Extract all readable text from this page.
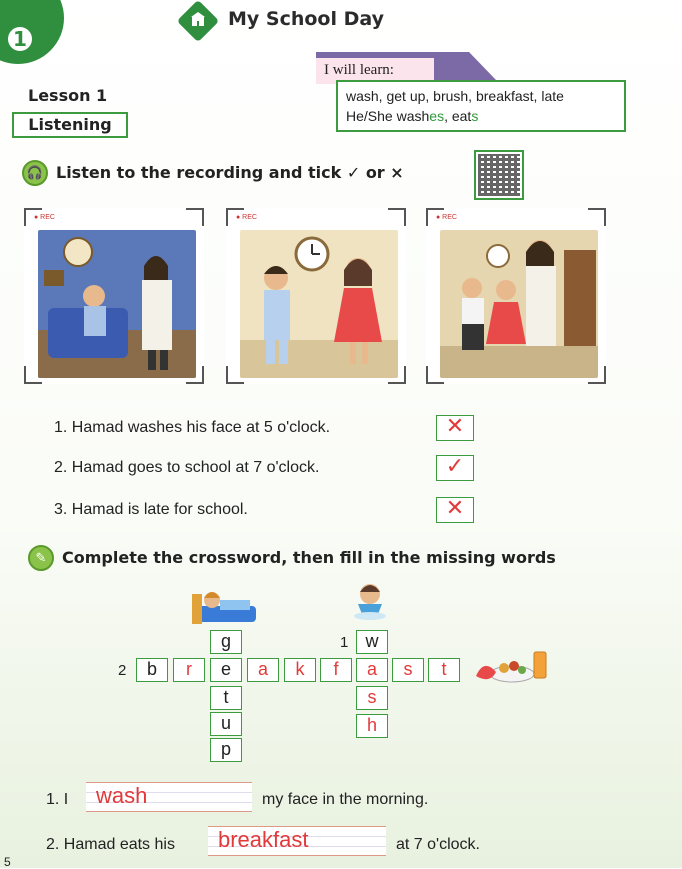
1
My School Day
I will learn:
wash, get up, brush, breakfast, late
He/She washes, eats
Lesson 1
Listening
🎧 Listen to the recording and tick ✓ or ×
● REC	● REC	● REC
1. Hamad washes his face at 5 o'clock.	✕
2. Hamad goes to school at 7 o'clock.	✓
3. Hamad is late for school.	✕
✎ Complete the crossword, then fill in the missing words
2
1
g	w
b	r	e	a	k	f	a	s	t
t	s
u	h
p
1. I	wash	my face in the morning.
2. Hamad eats his	breakfast	at 7 o'clock.
5
